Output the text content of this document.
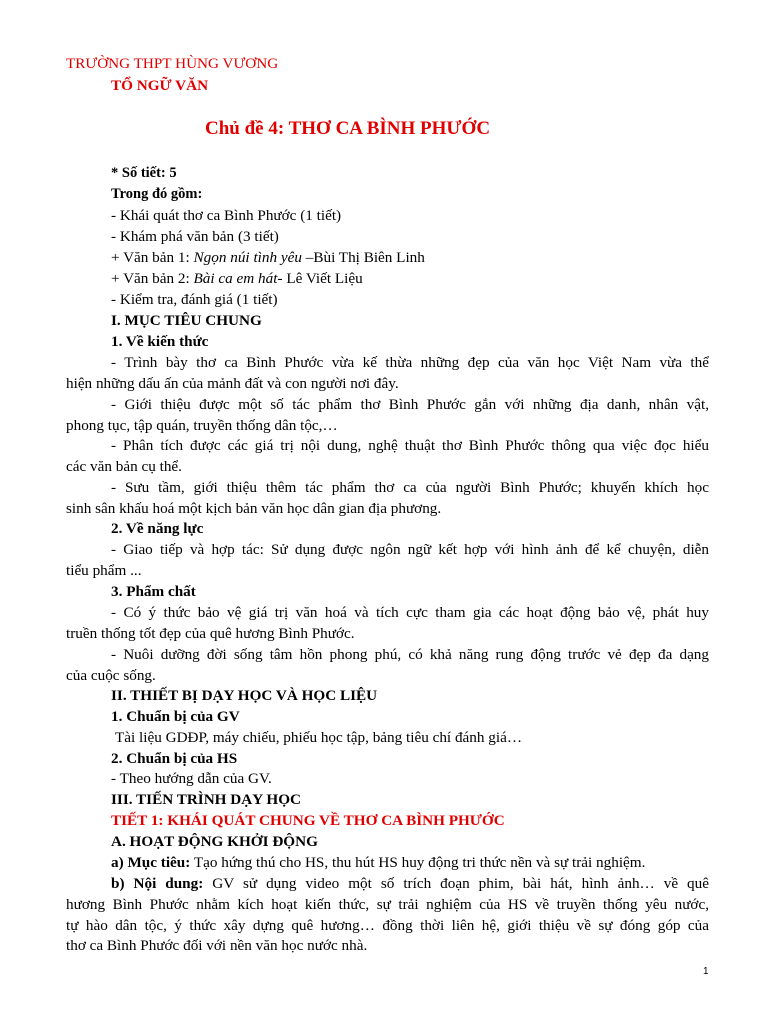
TRƯỜNG THPT HÙNG VƯƠNG
TỔ NGỮ VĂN
Chủ đề 4: THƠ CA BÌNH PHƯỚC
* Số tiết: 5
Trong đó gồm:
- Khái quát thơ ca Bình Phước (1 tiết)
- Khám phá văn bản (3 tiết)
+ Văn bản 1: Ngọn núi tình yêu –Bùi Thị Biên Linh
+ Văn bản 2: Bài ca em hát- Lê Viết Liệu
- Kiểm tra, đánh giá (1 tiết)
I. MỤC TIÊU CHUNG
1. Về kiến thức
- Trình bày thơ ca Bình Phước vừa kế thừa những đẹp của văn học Việt Nam vừa thể
hiện những dấu ấn của mảnh đất và con người nơi đây.
- Giới thiệu được một số tác phẩm thơ Bình Phước gắn với những địa danh, nhân vật,
phong tục, tập quán, truyền thống dân tộc,…
- Phân tích được các giá trị nội dung, nghệ thuật thơ Bình Phước thông qua việc đọc hiểu
các văn bản cụ thể.
- Sưu tầm, giới thiệu thêm tác phẩm thơ ca của người Bình Phước; khuyến khích học
sinh sân khấu hoá một kịch bản văn học dân gian địa phương.
2. Về năng lực
- Giao tiếp và hợp tác: Sử dụng được ngôn ngữ kết hợp với hình ảnh để kể chuyện, diễn
tiểu phẩm ...
3. Phẩm chất
- Có ý thức bảo vệ giá trị văn hoá và tích cực tham gia các hoạt động bảo vệ, phát huy
truền thống tốt đẹp của quê hương Bình Phước.
- Nuôi dưỡng đời sống tâm hồn phong phú, có khả năng rung động trước vẻ đẹp đa dạng
của cuộc sống.
II. THIẾT BỊ DẠY HỌC VÀ HỌC LIỆU
1. Chuẩn bị của GV
Tài liệu GDĐP, máy chiếu, phiếu học tập, bảng tiêu chí đánh giá…
2. Chuẩn bị của HS
- Theo hướng dẫn của GV.
III. TIẾN TRÌNH DẠY HỌC
TIẾT 1: KHÁI QUÁT CHUNG VỀ THƠ CA BÌNH PHƯỚC
A. HOẠT ĐỘNG KHỞI ĐỘNG
a) Mục tiêu: Tạo hứng thú cho HS, thu hút HS huy động tri thức nền và sự trải nghiệm.
b) Nội dung: GV sử dụng video một số trích đoạn phim, bài hát, hình ảnh… về quê
hương Bình Phước nhằm kích hoạt kiến thức, sự trải nghiệm của HS về truyền thống yêu nước,
tự hào dân tộc, ý thức xây dựng quê hương… đồng thời liên hệ, giới thiệu về sự đóng góp của
thơ ca Bình Phước đối với nền văn học nước nhà.
1
